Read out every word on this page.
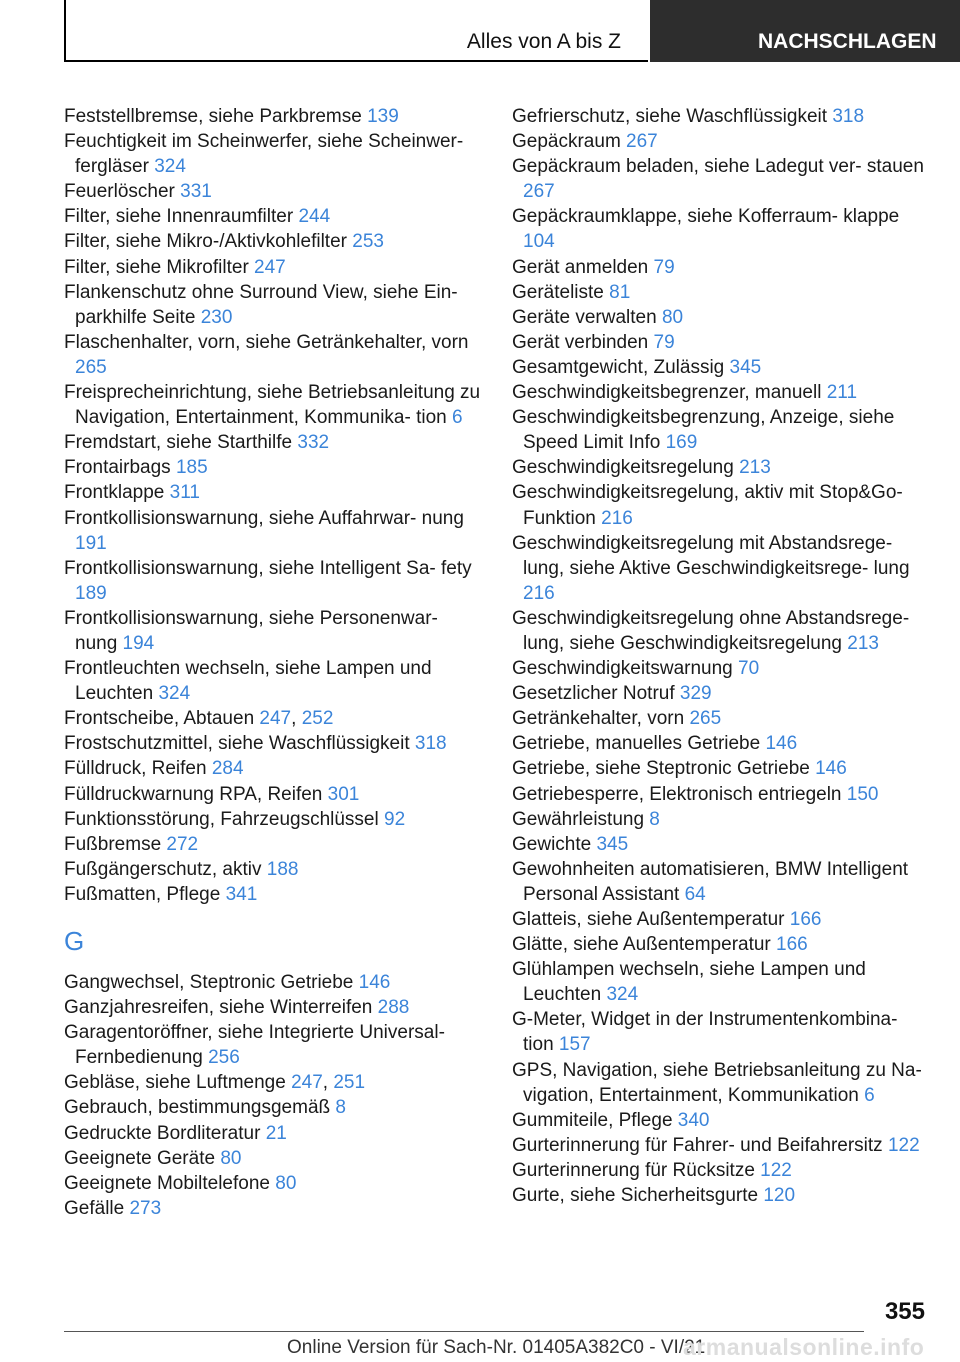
Alles von A bis Z	NACHSCHLAGEN
Feststellbremse, siehe Parkbremse 139
Feuchtigkeit im Scheinwerfer, siehe Scheinwer‐ fergläser 324
Feuerlöscher 331
Filter, siehe Innenraumfilter 244
Filter, siehe Mikro-/Aktivkohlefilter 253
Filter, siehe Mikrofilter 247
Flankenschutz ohne Surround View, siehe Ein‐ parkhilfe Seite 230
Flaschenhalter, vorn, siehe Getränkehalter, vorn 265
Freisprecheinrichtung, siehe Betriebsanleitung zu Navigation, Entertainment, Kommunika‐ tion 6
Fremdstart, siehe Starthilfe 332
Frontairbags 185
Frontklappe 311
Frontkollisionswarnung, siehe Auffahrwar‐ nung 191
Frontkollisionswarnung, siehe Intelligent Sa‐ fety 189
Frontkollisionswarnung, siehe Personenwar‐ nung 194
Frontleuchten wechseln, siehe Lampen und Leuchten 324
Frontscheibe, Abtauen 247, 252
Frostschutzmittel, siehe Waschflüssigkeit 318
Fülldruck, Reifen 284
Fülldruckwarnung RPA, Reifen 301
Funktionsstörung, Fahrzeugschlüssel 92
Fußbremse 272
Fußgängerschutz, aktiv 188
Fußmatten, Pflege 341
G
Gangwechsel, Steptronic Getriebe 146
Ganzjahresreifen, siehe Winterreifen 288
Garagentoröffner, siehe Integrierte Universal‐ Fernbedienung 256
Gebläse, siehe Luftmenge 247, 251
Gebrauch, bestimmungsgemäß 8
Gedruckte Bordliteratur 21
Geeignete Geräte 80
Geeignete Mobiltelefone 80
Gefälle 273
Gefrierschutz, siehe Waschflüssigkeit 318
Gepäckraum 267
Gepäckraum beladen, siehe Ladegut ver‐ stauen 267
Gepäckraumklappe, siehe Kofferraum‐ klappe 104
Gerät anmelden 79
Geräteliste 81
Geräte verwalten 80
Gerät verbinden 79
Gesamtgewicht, Zulässig 345
Geschwindigkeitsbegrenzer, manuell 211
Geschwindigkeitsbegrenzung, Anzeige, siehe Speed Limit Info 169
Geschwindigkeitsregelung 213
Geschwindigkeitsregelung, aktiv mit Stop&Go- Funktion 216
Geschwindigkeitsregelung mit Abstandsrege‐ lung, siehe Aktive Geschwindigkeitsrege‐ lung 216
Geschwindigkeitsregelung ohne Abstandsrege‐ lung, siehe Geschwindigkeitsregelung 213
Geschwindigkeitswarnung 70
Gesetzlicher Notruf 329
Getränkehalter, vorn 265
Getriebe, manuelles Getriebe 146
Getriebe, siehe Steptronic Getriebe 146
Getriebesperre, Elektronisch entriegeln 150
Gewährleistung 8
Gewichte 345
Gewohnheiten automatisieren, BMW Intelligent Personal Assistant 64
Glatteis, siehe Außentemperatur 166
Glätte, siehe Außentemperatur 166
Glühlampen wechseln, siehe Lampen und Leuchten 324
G-Meter, Widget in der Instrumentenkombina‐ tion 157
GPS, Navigation, siehe Betriebsanleitung zu Na‐ vigation, Entertainment, Kommunikation 6
Gummiteile, Pflege 340
Gurterinnerung für Fahrer- und Beifahrersitz 122
Gurterinnerung für Rücksitze 122
Gurte, siehe Sicherheitsgurte 120
355
Online Version für Sach-Nr. 01405A382C0 - VI/21
armanualsonline.info
